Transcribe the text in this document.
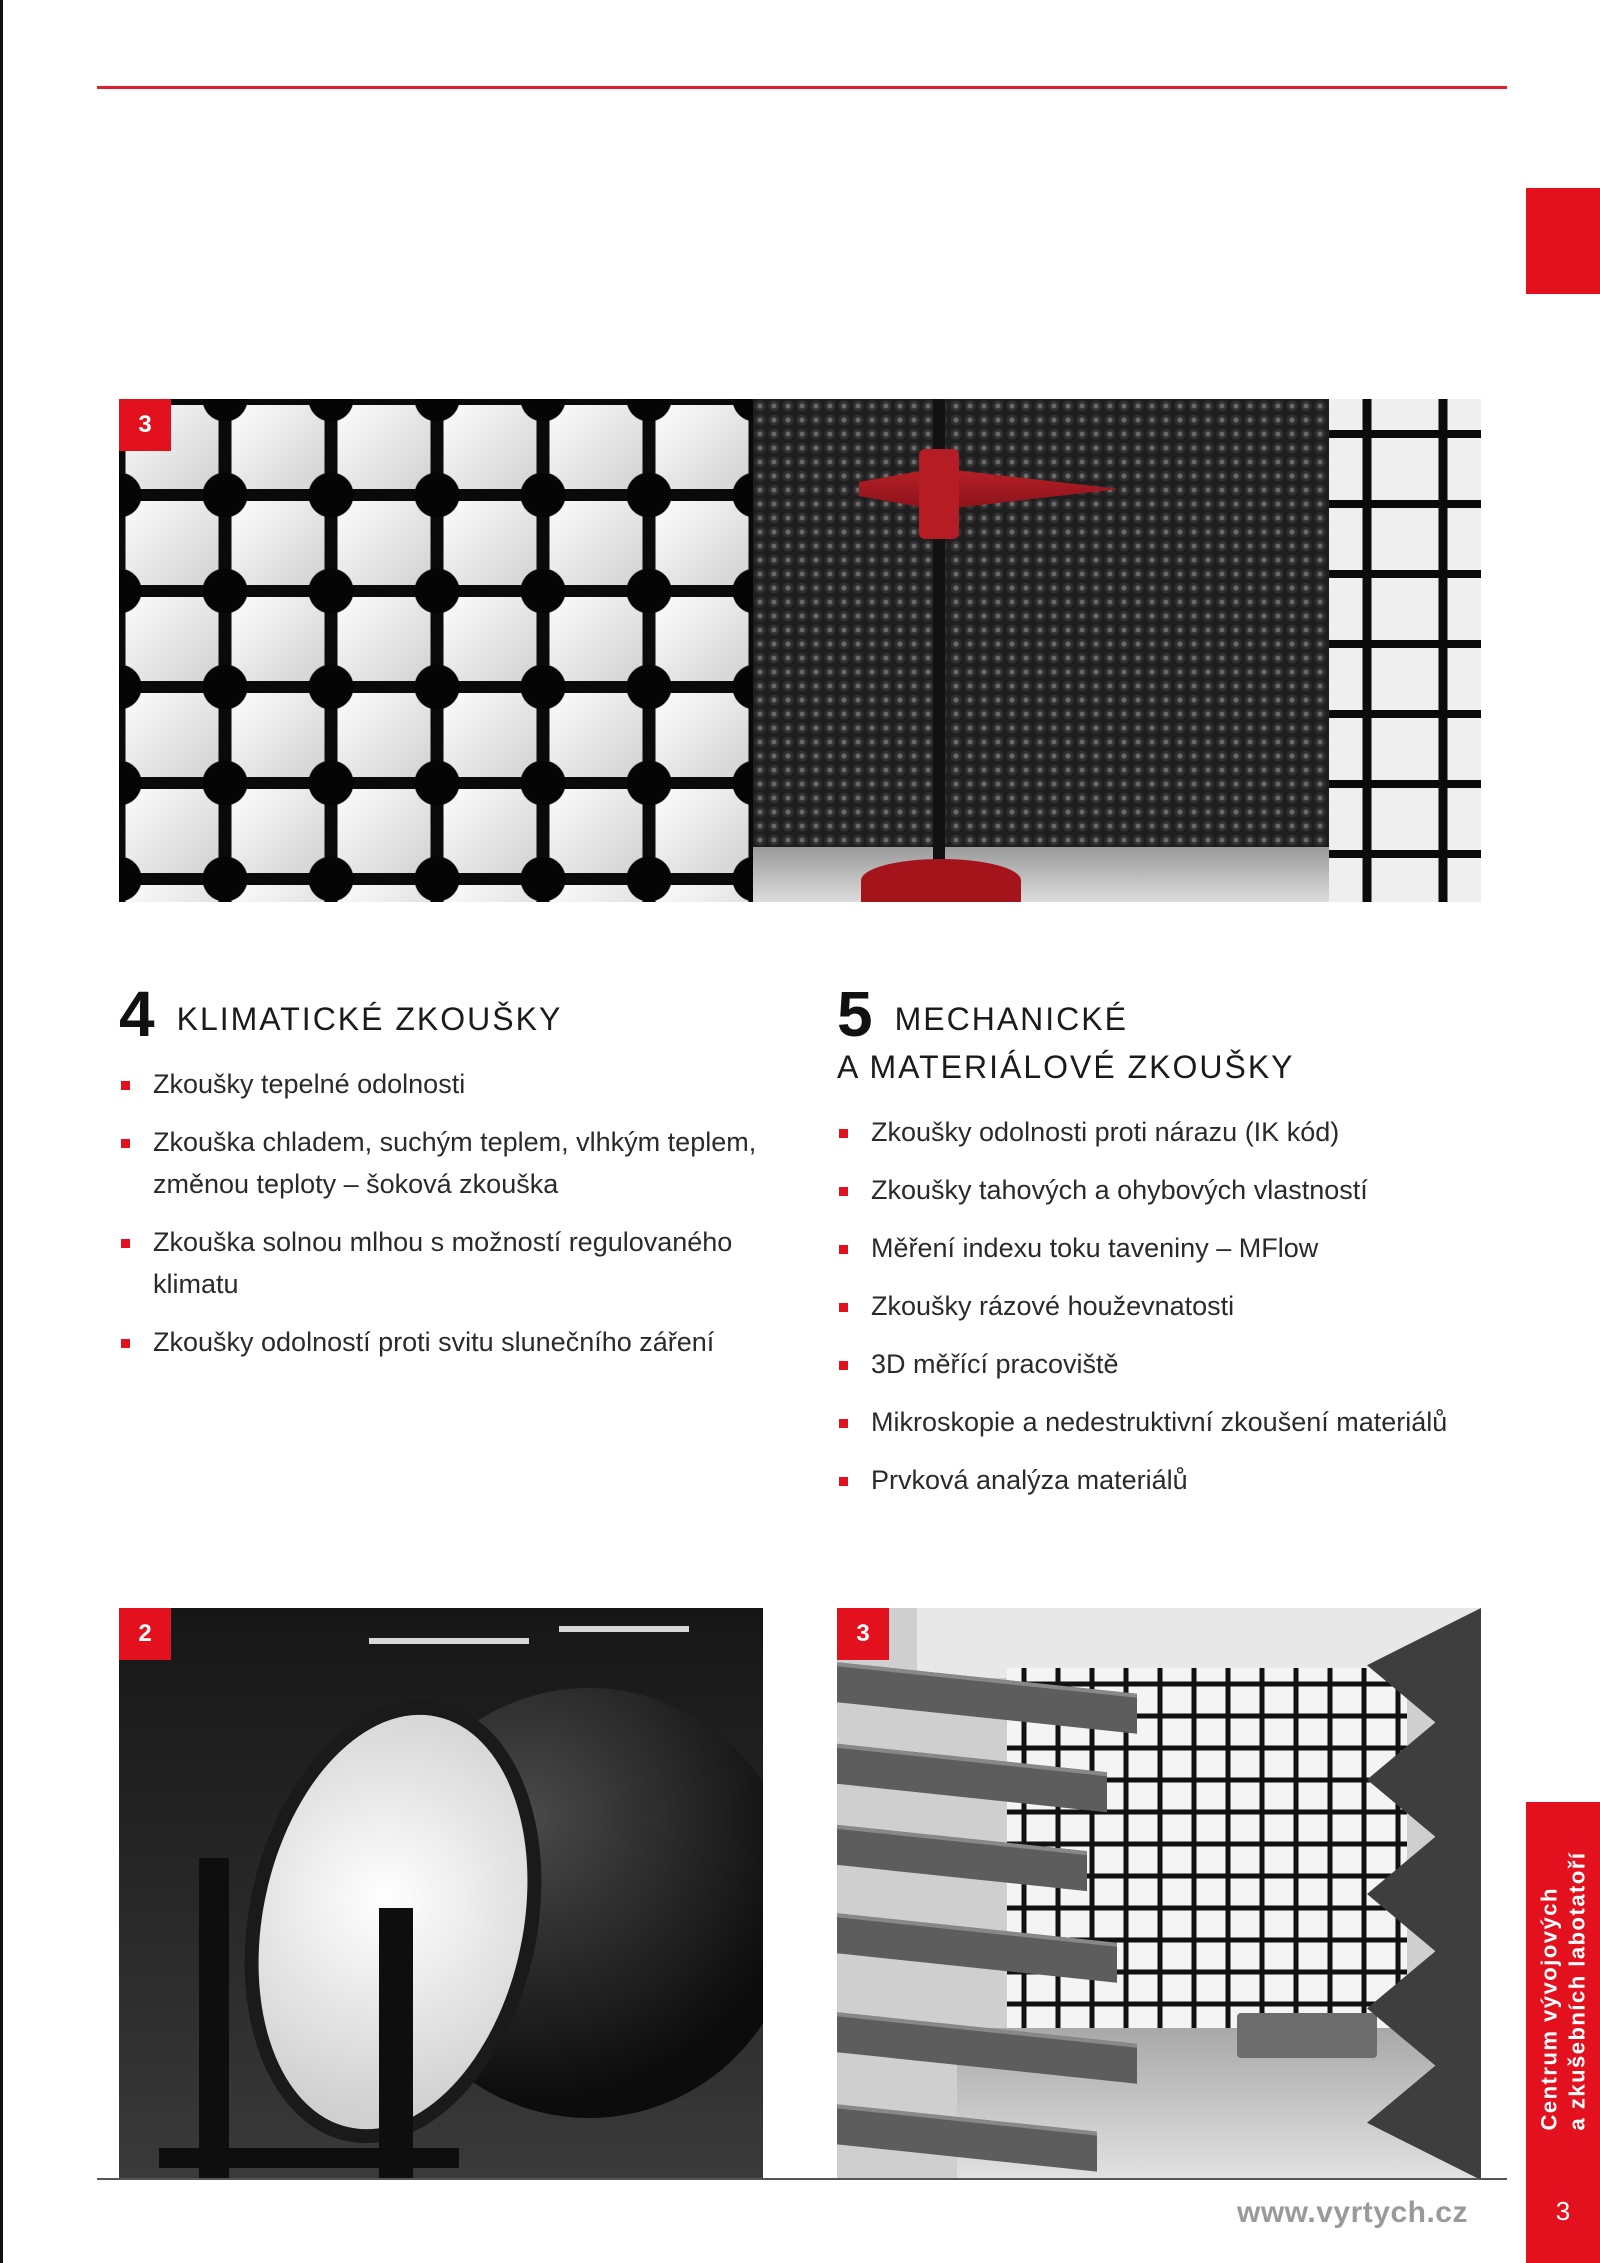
3
4 KLIMATICKÉ ZKOUŠKY
Zkoušky tepelné odolnosti
Zkouška chladem, suchým teplem, vlhkým teplem, změnou teploty – šoková zkouška
Zkouška solnou mlhou s možností regulovaného klimatu
Zkoušky odolností proti svitu slunečního záření
5 MECHANICKÉ
A MATERIÁLOVÉ ZKOUŠKY
Zkoušky odolnosti proti nárazu (IK kód)
Zkoušky tahových a ohybových vlastností
Měření indexu toku taveniny – MFlow
Zkoušky rázové houževnatosti
3D měřící pracoviště
Mikroskopie a nedestruktivní zkoušení materiálů
Prvková analýza materiálů
2	3
Centrum vývojových a zkušebních labotatoří
3
www.vyrtych.cz
